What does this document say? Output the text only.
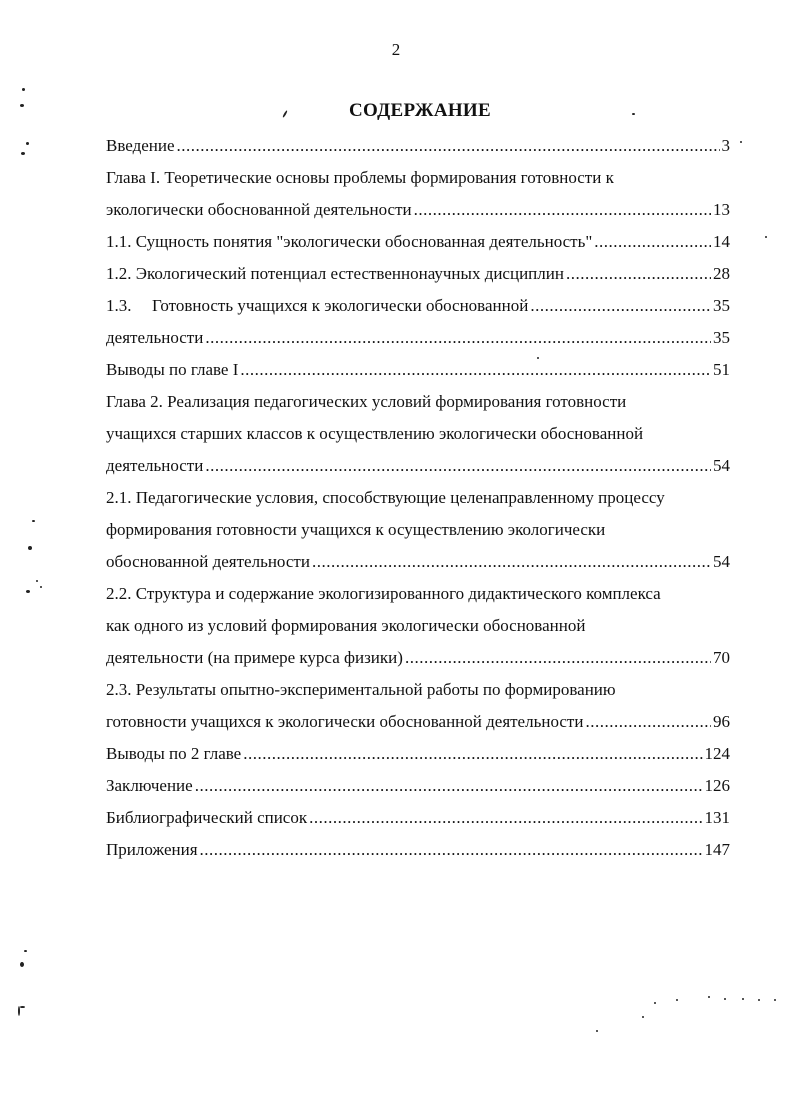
2
СОДЕРЖАНИЕ
Введение .....	3
Глава I. Теоретические основы проблемы формирования готовности к
экологически обоснованной деятельности .....	13
1.1. Сущность понятия "экологически обоснованная деятельность" .....	14
1.2. Экологический потенциал естественнонаучных дисциплин .....	28
1.3. Готовность учащихся к экологически обоснованной .....	35
деятельности .....	35
Выводы по главе I .....	51
Глава 2. Реализация педагогических условий формирования готовности
учащихся старших классов к осуществлению экологически обоснованной
деятельности .....	54
2.1. Педагогические условия, способствующие целенаправленному процессу
формирования готовности учащихся к осуществлению экологически
обоснованной деятельности .....	54
2.2. Структура и содержание экологизированного дидактического комплекса
как одного из условий формирования экологически обоснованной
деятельности (на примере курса физики) .....	70
2.3. Результаты опытно-экспериментальной работы по формированию
готовности учащихся к экологически обоснованной деятельности .....	96
Выводы по 2 главе .....	124
Заключение .....	126
Библиографический список .....	131
Приложения .....	147
